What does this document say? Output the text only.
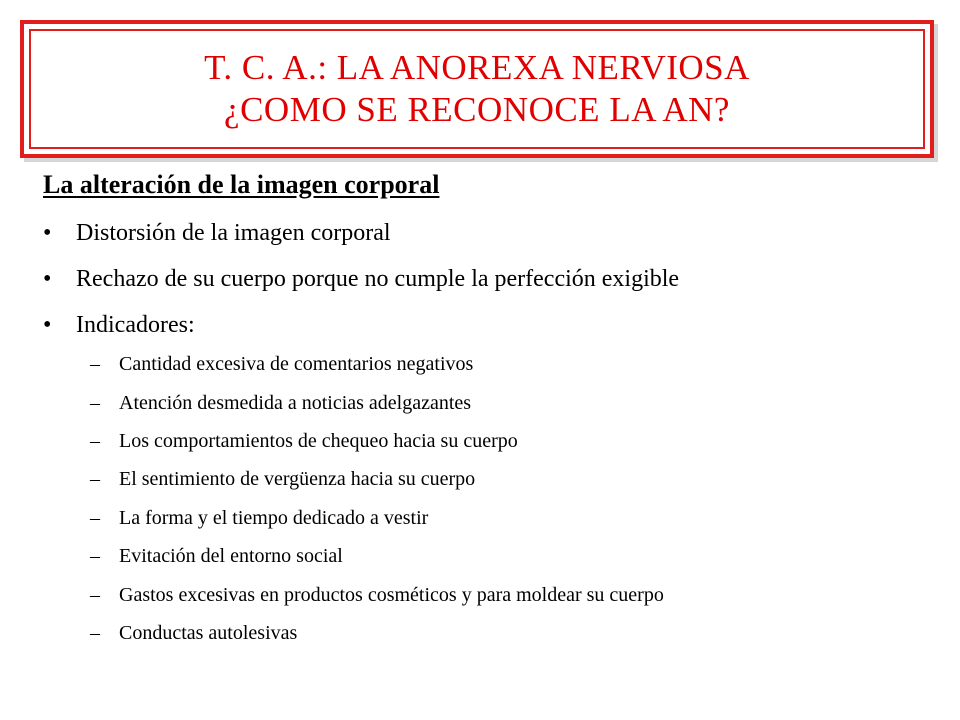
T. C. A.: LA ANOREXA NERVIOSA
¿COMO SE RECONOCE LA AN?
La alteración de la imagen corporal
• Distorsión de la imagen corporal
• Rechazo de su cuerpo porque no cumple la perfección exigible
• Indicadores:
– Cantidad excesiva de comentarios negativos
– Atención desmedida a noticias adelgazantes
– Los comportamientos de chequeo hacia su cuerpo
– El sentimiento de vergüenza hacia su cuerpo
– La forma y el tiempo dedicado a vestir
– Evitación del entorno social
– Gastos excesivas en productos cosméticos y para moldear su cuerpo
– Conductas autolesivas
